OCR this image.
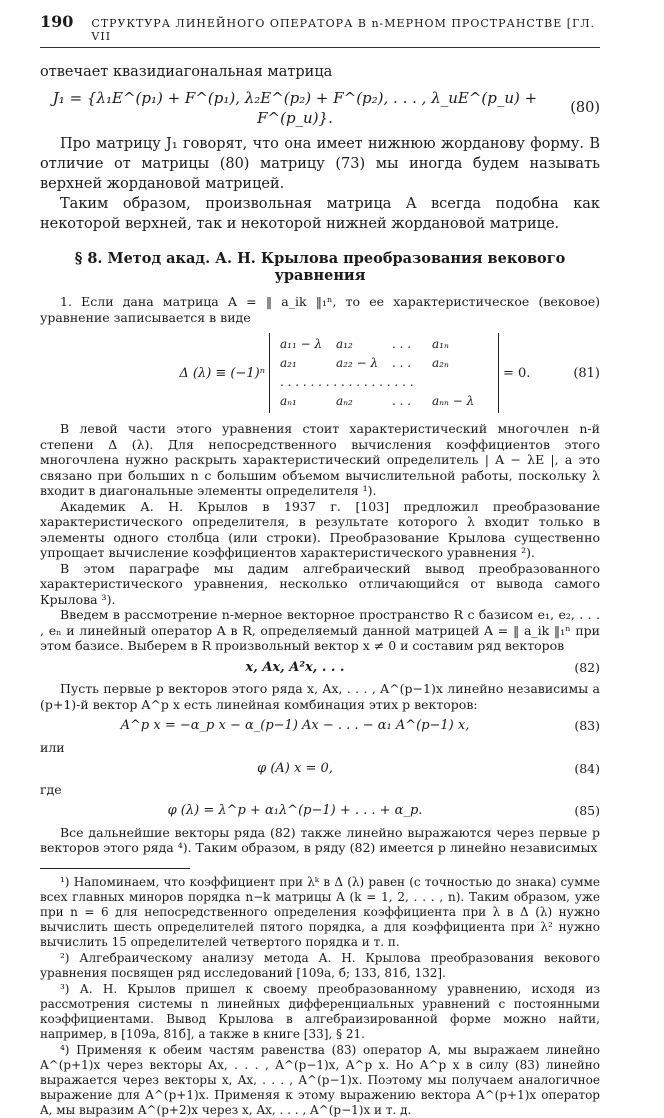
190 СТРУКТУРА ЛИНЕЙНОГО ОПЕРАТОРА В n-МЕРНОМ ПРОСТРАНСТВЕ [ГЛ. VII

отвечает квазидиагональная матрица

J₁ = {λ₁E^(p₁) + F^(p₁), λ₂E^(p₂) + F^(p₂), . . . , λ_uE^(p_u) + F^(p_u)}.
(80)

Про матрицу J₁ говорят, что она имеет нижнюю жорданову форму. В отличие от матрицы (80) матрицу (73) мы иногда будем называть верхней жордановой матрицей.

Таким образом, произвольная матрица A всегда подобна как некоторой верхней, так и некоторой нижней жордановой матрице.

§ 8. Метод акад. А. Н. Крылова преобразования векового уравнения

1. Если дана матрица A = ‖ a_ik ‖₁ⁿ, то ее характеристическое (вековое) уравнение записывается в виде

Δ (λ) ≡ (−1)ⁿ
a₁₁ − λ	a₁₂	. . .	a₁ₙ
a₂₁	a₂₂ − λ	. . .	a₂ₙ
. . . . . . . . . . . . . . . . . .
aₙ₁	aₙ₂	. . .	aₙₙ − λ
= 0.	(81)

В левой части этого уравнения стоит характеристический многочлен n-й степени Δ (λ). Для непосредственного вычисления коэффициентов этого многочлена нужно раскрыть характеристический определитель | A − λE |, а это связано при больших n с большим объемом вычислительной работы, поскольку λ входит в диагональные элементы определителя ¹).

Академик А. Н. Крылов в 1937 г. [103] предложил преобразование характеристического определителя, в результате которого λ входит только в элементы одного столбца (или строки). Преобразование Крылова существенно упрощает вычисление коэффициентов характеристического уравнения ²).

В этом параграфе мы дадим алгебраический вывод преобразованного характеристического уравнения, несколько отличающийся от вывода самого Крылова ³).

Введем в рассмотрение n-мерное векторное пространство R с базисом e₁, e₂, . . . , eₙ и линейный оператор A в R, определяемый данной матрицей A = ‖ a_ik ‖₁ⁿ при этом базисе. Выберем в R произвольный вектор x ≠ 0 и составим ряд векторов

x, Ax, A²x, . . .	(82)

Пусть первые p векторов этого ряда x, Ax, . . . , A^(p−1)x линейно независимы а (p+1)-й вектор A^p x есть линейная комбинация этих p векторов:

A^p x = −α_p x − α_(p−1) Ax − . . . − α₁ A^(p−1) x,	(83)
или
φ (A) x = 0,	(84)
где
φ (λ) = λ^p + α₁λ^(p−1) + . . . + α_p.	(85)

Все дальнейшие векторы ряда (82) также линейно выражаются через первые p векторов этого ряда ⁴). Таким образом, в ряду (82) имеется p линейно независимых

¹) Напоминаем, что коэффициент при λᵏ в Δ (λ) равен (с точностью до знака) сумме всех главных миноров порядка n−k матрицы A (k = 1, 2, . . . , n). Таким образом, уже при n = 6 для непосредственного определения коэффициента при λ в Δ (λ) нужно вычислить шесть определителей пятого порядка, а для коэффициента при λ² нужно вычислить 15 определителей четвертого порядка и т. п.

²) Алгебраическому анализу метода А. Н. Крылова преобразования векового уравнения посвящен ряд исследований [109а, б; 133, 81б, 132].

³) А. Н. Крылов пришел к своему преобразованному уравнению, исходя из рассмотрения системы n линейных дифференциальных уравнений с постоянными коэффициентами. Вывод Крылова в алгебраизированной форме можно найти, например, в [109а, 81б], а также в книге [33], § 21.

⁴) Применяя к обеим частям равенства (83) оператор A, мы выражаем линейно A^(p+1)x через векторы Ax, . . . , A^(p−1)x, A^p x. Но A^p x в силу (83) линейно выражается через векторы x, Ax, . . . , A^(p−1)x. Поэтому мы получаем аналогичное выражение для A^(p+1)x. Применяя к этому выражению вектора A^(p+1)x оператор A, мы выразим A^(p+2)x через x, Ax, . . . , A^(p−1)x и т. д.
